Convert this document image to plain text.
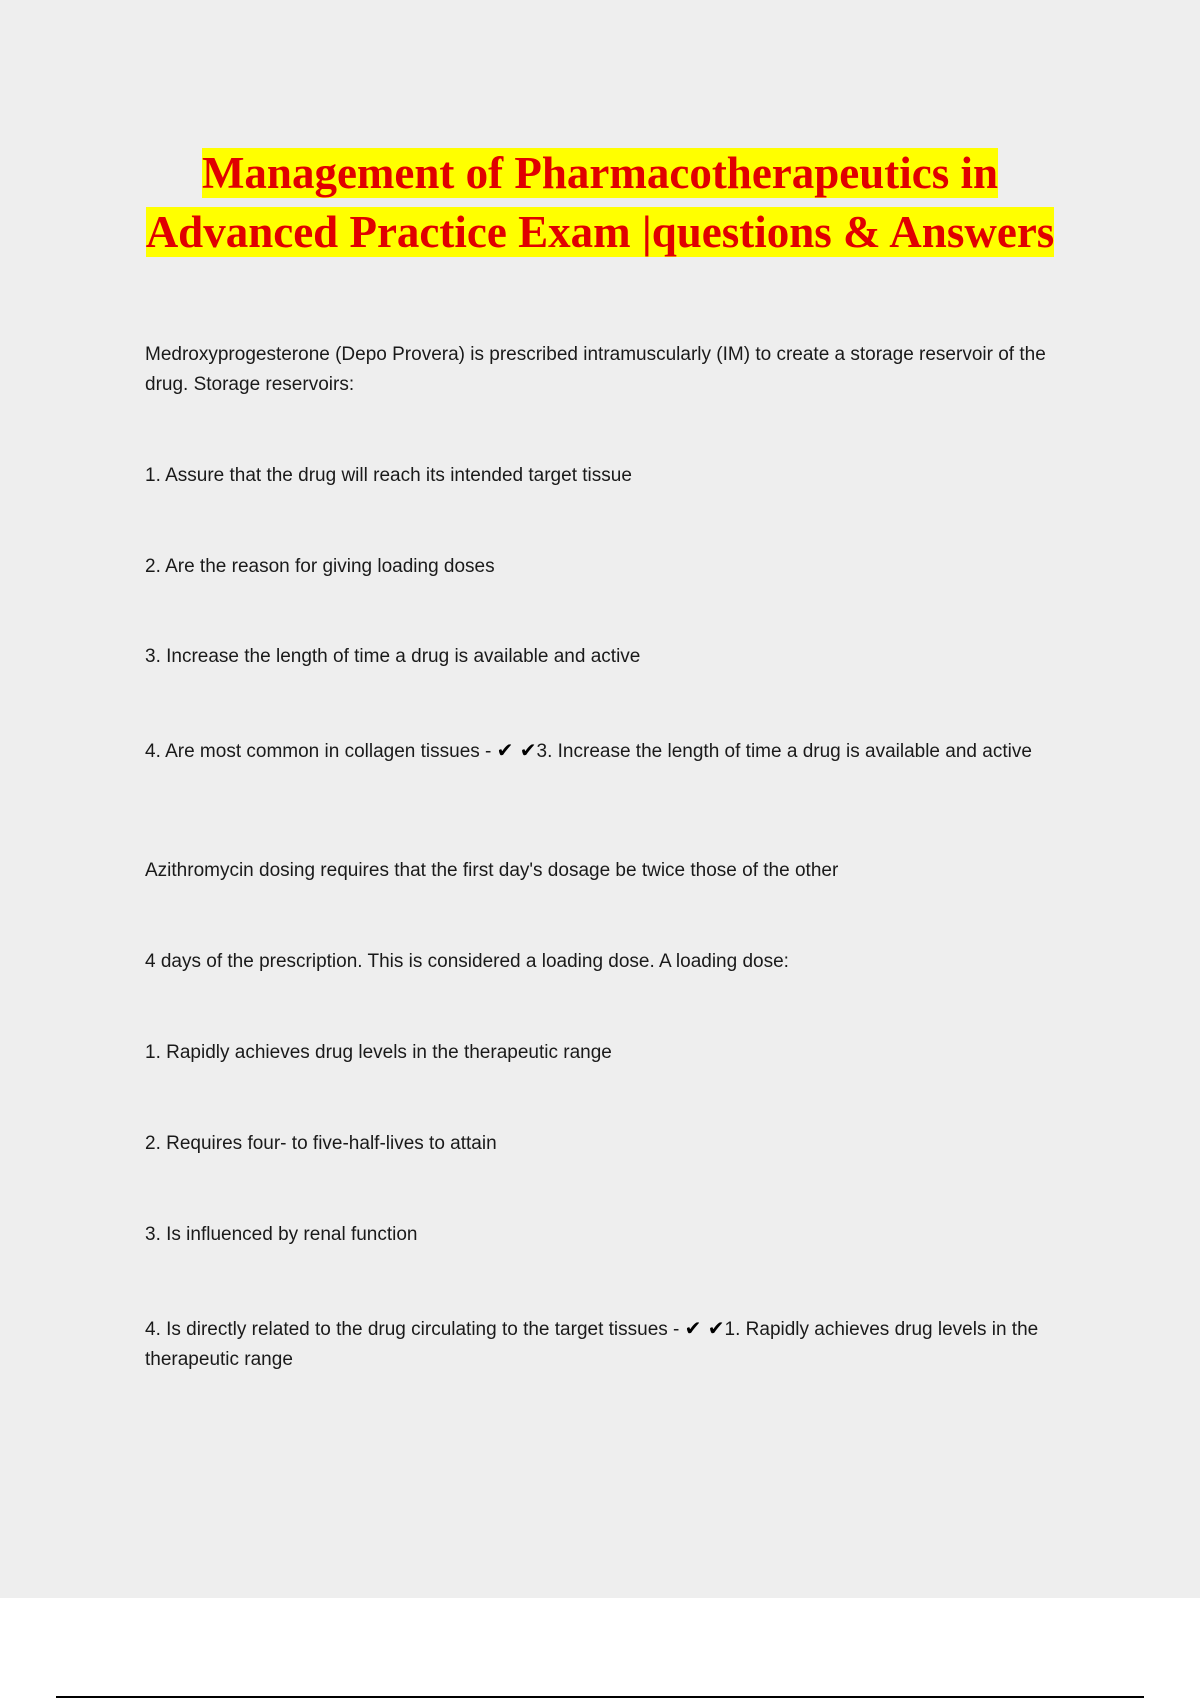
Management of Pharmacotherapeutics in Advanced Practice Exam |questions & Answers

Medroxyprogesterone (Depo Provera) is prescribed intramuscularly (IM) to create a storage reservoir of the drug. Storage reservoirs:

1. Assure that the drug will reach its intended target tissue

2. Are the reason for giving loading doses

3. Increase the length of time a drug is available and active

4. Are most common in collagen tissues - ✔ ✔3. Increase the length of time a drug is available and active

Azithromycin dosing requires that the first day's dosage be twice those of the other

4 days of the prescription. This is considered a loading dose. A loading dose:

1. Rapidly achieves drug levels in the therapeutic range

2. Requires four- to five-half-lives to attain

3. Is influenced by renal function

4. Is directly related to the drug circulating to the target tissues - ✔ ✔1. Rapidly achieves drug levels in the therapeutic range
